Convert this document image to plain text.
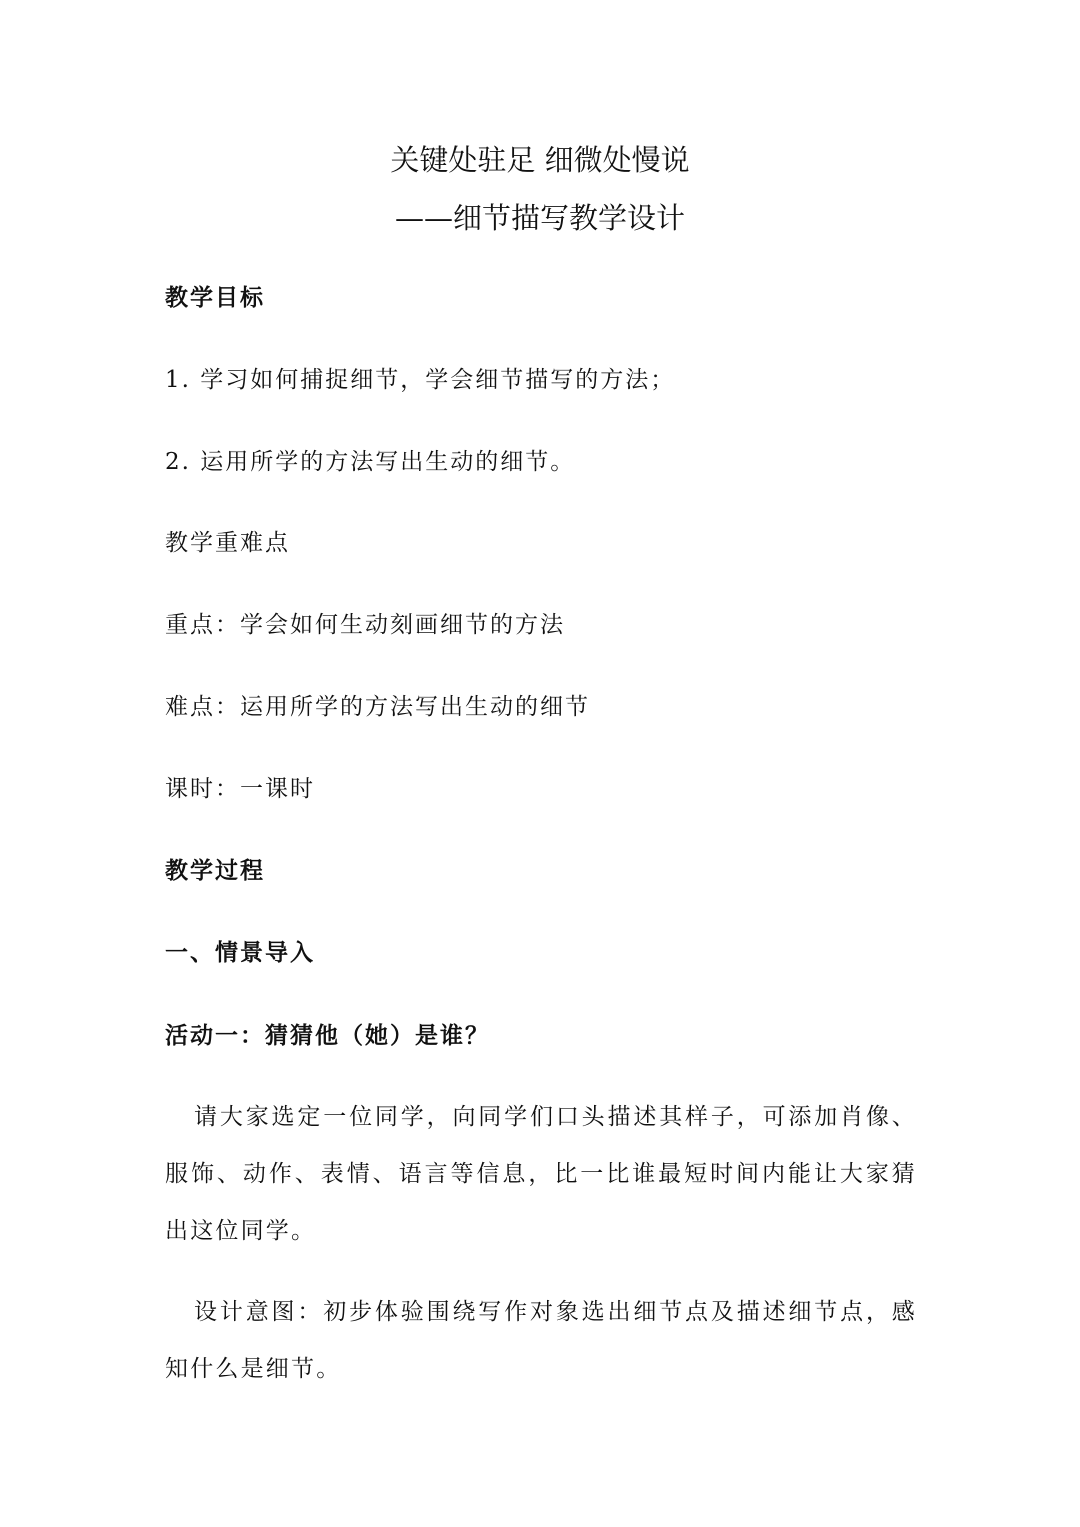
关键处驻足 细微处慢说
——细节描写教学设计
教学目标
1. 学习如何捕捉细节，学会细节描写的方法；
2. 运用所学的方法写出生动的细节。
教学重难点
重点：学会如何生动刻画细节的方法
难点：运用所学的方法写出生动的细节
课时：一课时
教学过程
一、情景导入
活动一：猜猜他（她）是谁？
请大家选定一位同学，向同学们口头描述其样子，可添加肖像、服饰、动作、表情、语言等信息，比一比谁最短时间内能让大家猜出这位同学。
设计意图：初步体验围绕写作对象选出细节点及描述细节点，感知什么是细节。
